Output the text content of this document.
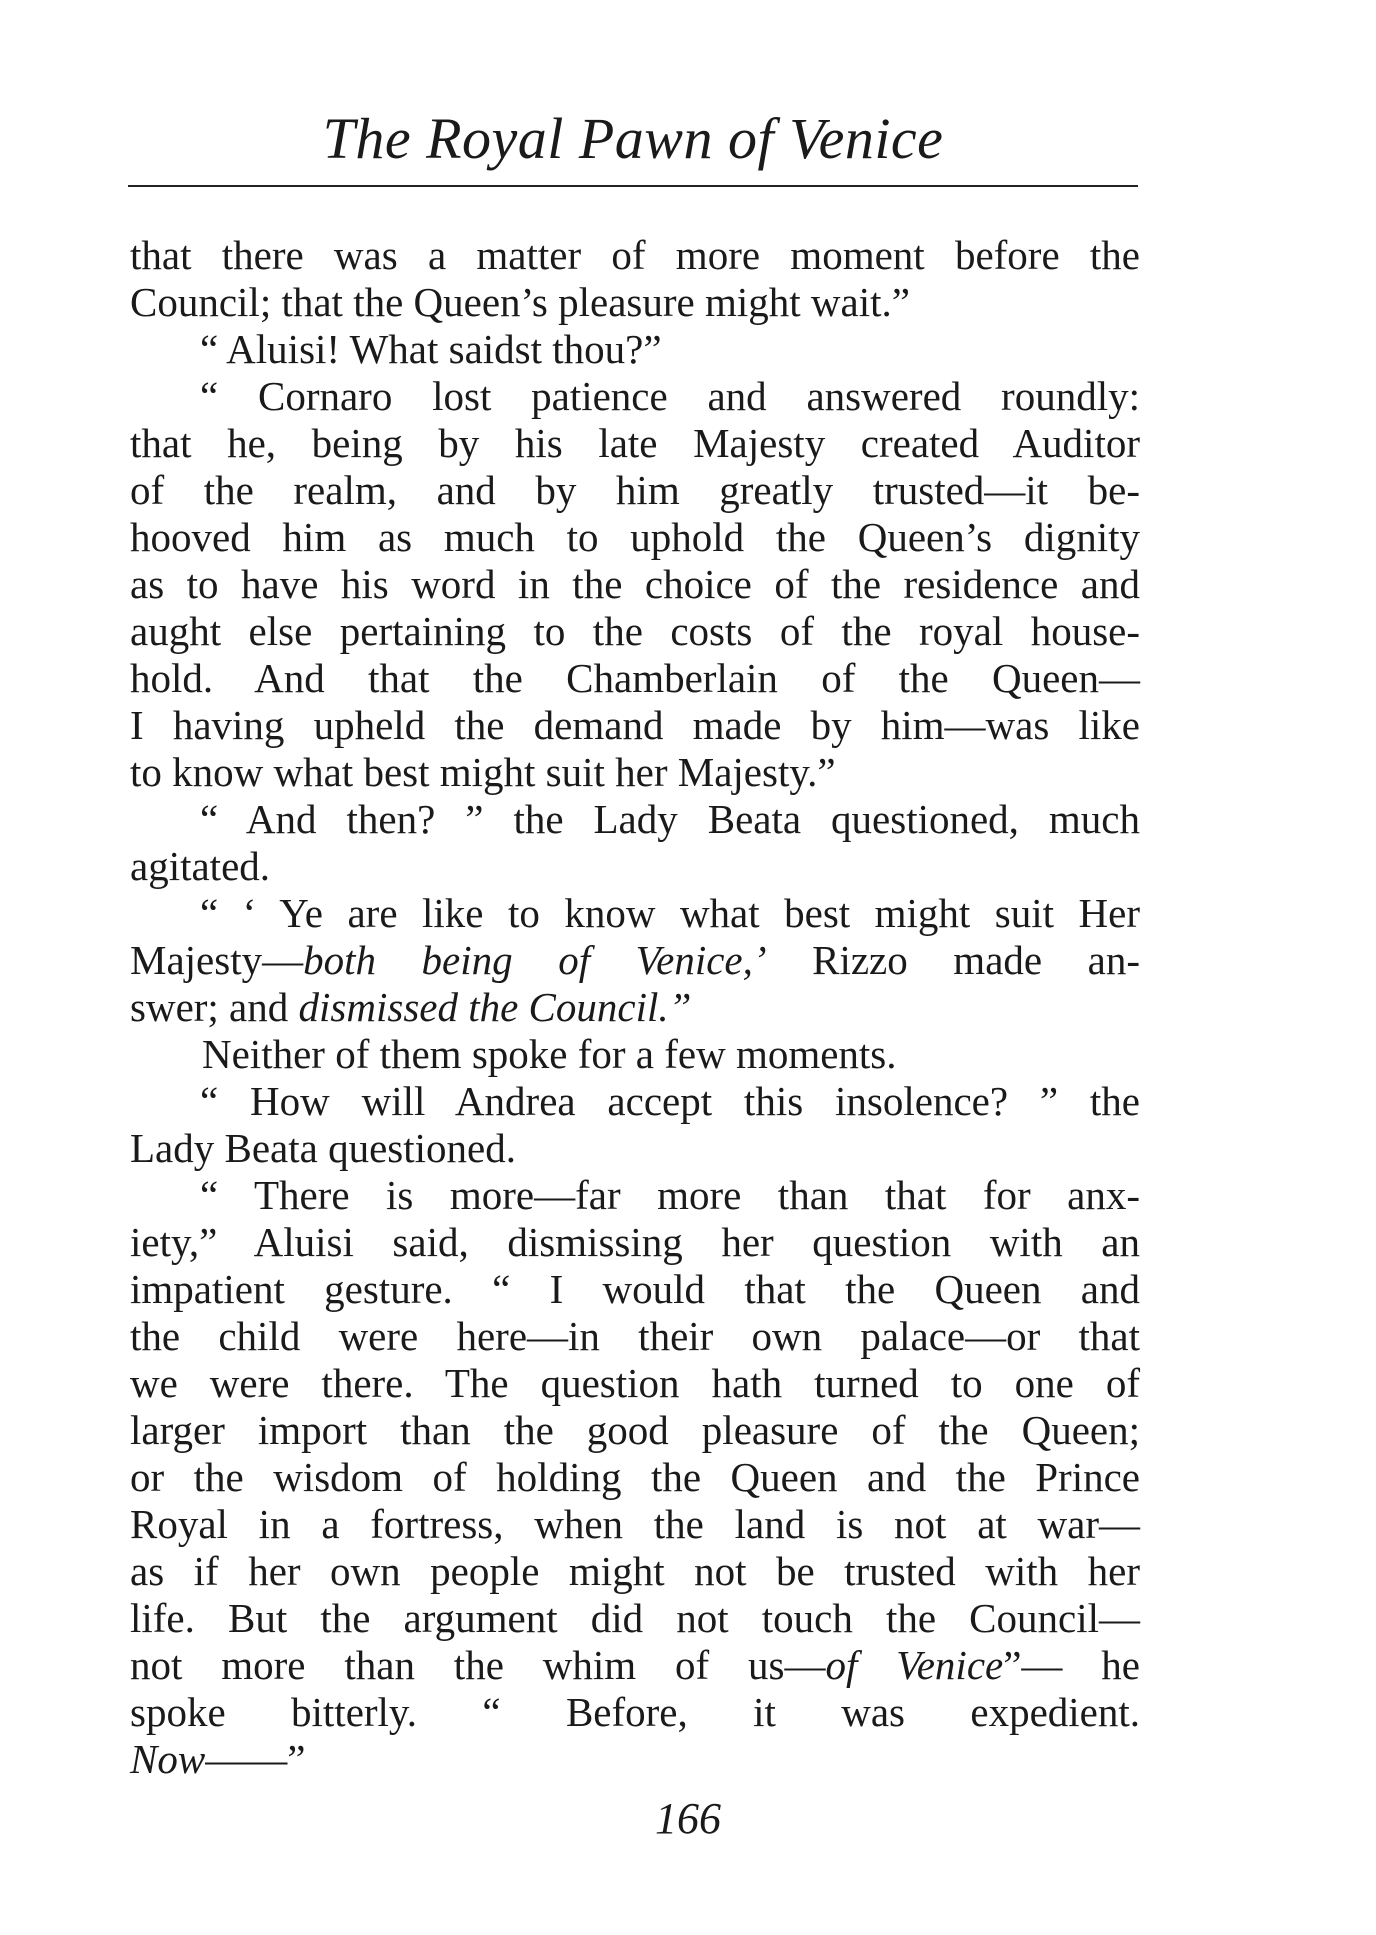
The Royal Pawn of Venice
that there was a matter of more moment before the
Council; that the Queen’s pleasure might wait.”
“ Aluisi! What saidst thou?”
“ Cornaro lost patience and answered roundly:
that he, being by his late Majesty created Auditor
of the realm, and by him greatly trusted—it be-
hooved him as much to uphold the Queen’s dignity
as to have his word in the choice of the residence and
aught else pertaining to the costs of the royal house-
hold. And that the Chamberlain of the Queen—
I having upheld the demand made by him—was like
to know what best might suit her Majesty.”
“ And then? ” the Lady Beata questioned, much
agitated.
“ ‘ Ye are like to know what best might suit Her
Majesty—both being of Venice,’ Rizzo made an-
swer; and dismissed the Council.”
Neither of them spoke for a few moments.
“ How will Andrea accept this insolence? ” the
Lady Beata questioned.
“ There is more—far more than that for anx-
iety,” Aluisi said, dismissing her question with an
impatient gesture. “ I would that the Queen and
the child were here—in their own palace—or that
we were there. The question hath turned to one of
larger import than the good pleasure of the Queen;
or the wisdom of holding the Queen and the Prince
Royal in a fortress, when the land is not at war—
as if her own people might not be trusted with her
life. But the argument did not touch the Council—
not more than the whim of us—of Venice”— he
spoke bitterly. “ Before, it was expedient.
Now——”
166
